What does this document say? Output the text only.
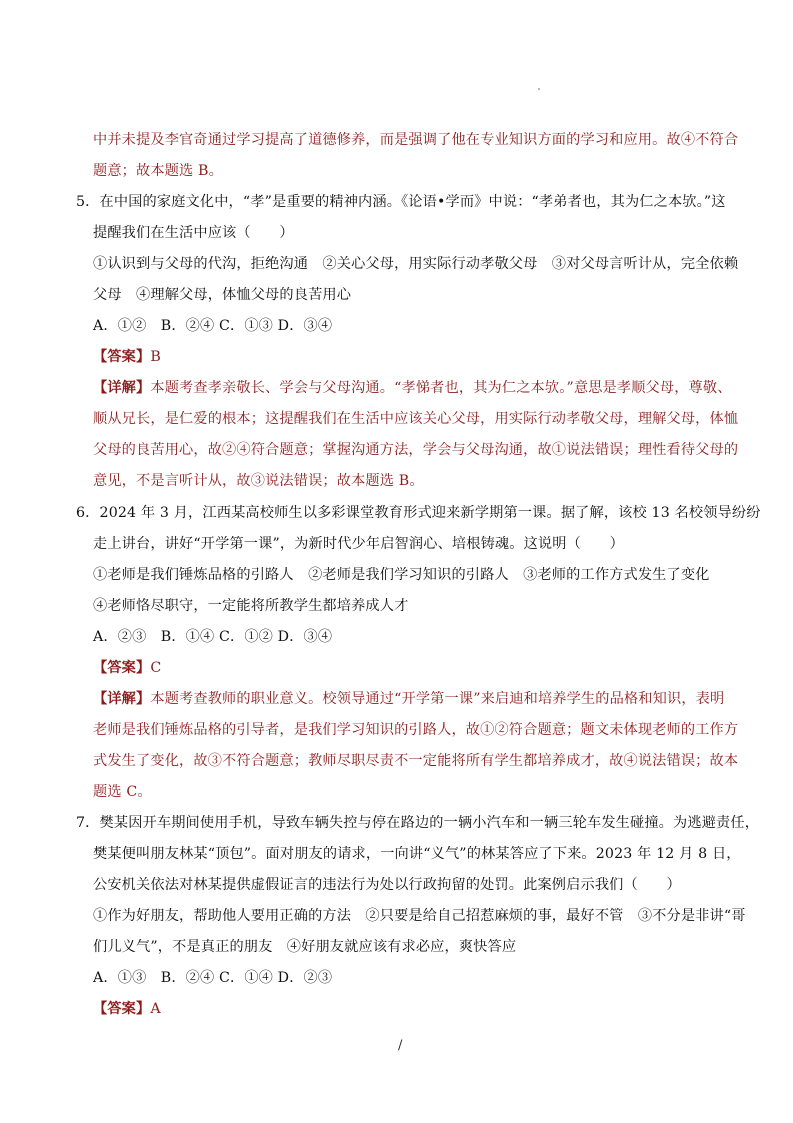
中并未提及李官奇通过学习提高了道德修养，而是强调了他在专业知识方面的学习和应用。故④不符合
题意；故本题选 B。
5．在中国的家庭文化中，“孝”是重要的精神内涵。《论语•学而》中说：“孝弟者也，其为仁之本欤。”这
提醒我们在生活中应该（　　）
①认识到与父母的代沟，拒绝沟通　②关心父母，用实际行动孝敬父母　③对父母言听计从，完全依赖
父母　④理解父母，体恤父母的良苦用心
A．①②　B．②④ C．①③ D．③④
【答案】B
【详解】本题考查孝亲敬长、学会与父母沟通。“孝悌者也，其为仁之本欤。”意思是孝顺父母，尊敬、
顺从兄长，是仁爱的根本；这提醒我们在生活中应该关心父母，用实际行动孝敬父母，理解父母，体恤
父母的良苦用心，故②④符合题意；掌握沟通方法，学会与父母沟通，故①说法错误；理性看待父母的
意见，不是言听计从，故③说法错误；故本题选 B。
6．2024 年 3 月，江西某高校师生以多彩课堂教育形式迎来新学期第一课。据了解，该校 13 名校领导纷纷
走上讲台，讲好“开学第一课”，为新时代少年启智润心、培根铸魂。这说明（　　）
①老师是我们锤炼品格的引路人　②老师是我们学习知识的引路人　③老师的工作方式发生了变化
④老师恪尽职守，一定能将所教学生都培养成人才
A．②③　B．①④ C．①② D．③④
【答案】C
【详解】本题考查教师的职业意义。校领导通过“开学第一课”来启迪和培养学生的品格和知识，表明
老师是我们锤炼品格的引导者，是我们学习知识的引路人，故①②符合题意；题文未体现老师的工作方
式发生了变化，故③不符合题意；教师尽职尽责不一定能将所有学生都培养成才，故④说法错误；故本
题选 C。
7．樊某因开车期间使用手机，导致车辆失控与停在路边的一辆小汽车和一辆三轮车发生碰撞。为逃避责任，
樊某便叫朋友林某“顶包”。面对朋友的请求，一向讲“义气”的林某答应了下来。2023 年 12 月 8 日，
公安机关依法对林某提供虚假证言的违法行为处以行政拘留的处罚。此案例启示我们（　　）
①作为好朋友，帮助他人要用正确的方法　②只要是给自己招惹麻烦的事，最好不管　③不分是非讲“哥
们儿义气”，不是真正的朋友　④好朋友就应该有求必应，爽快答应
A．①③　B．②④ C．①④ D．②③
【答案】A
/
